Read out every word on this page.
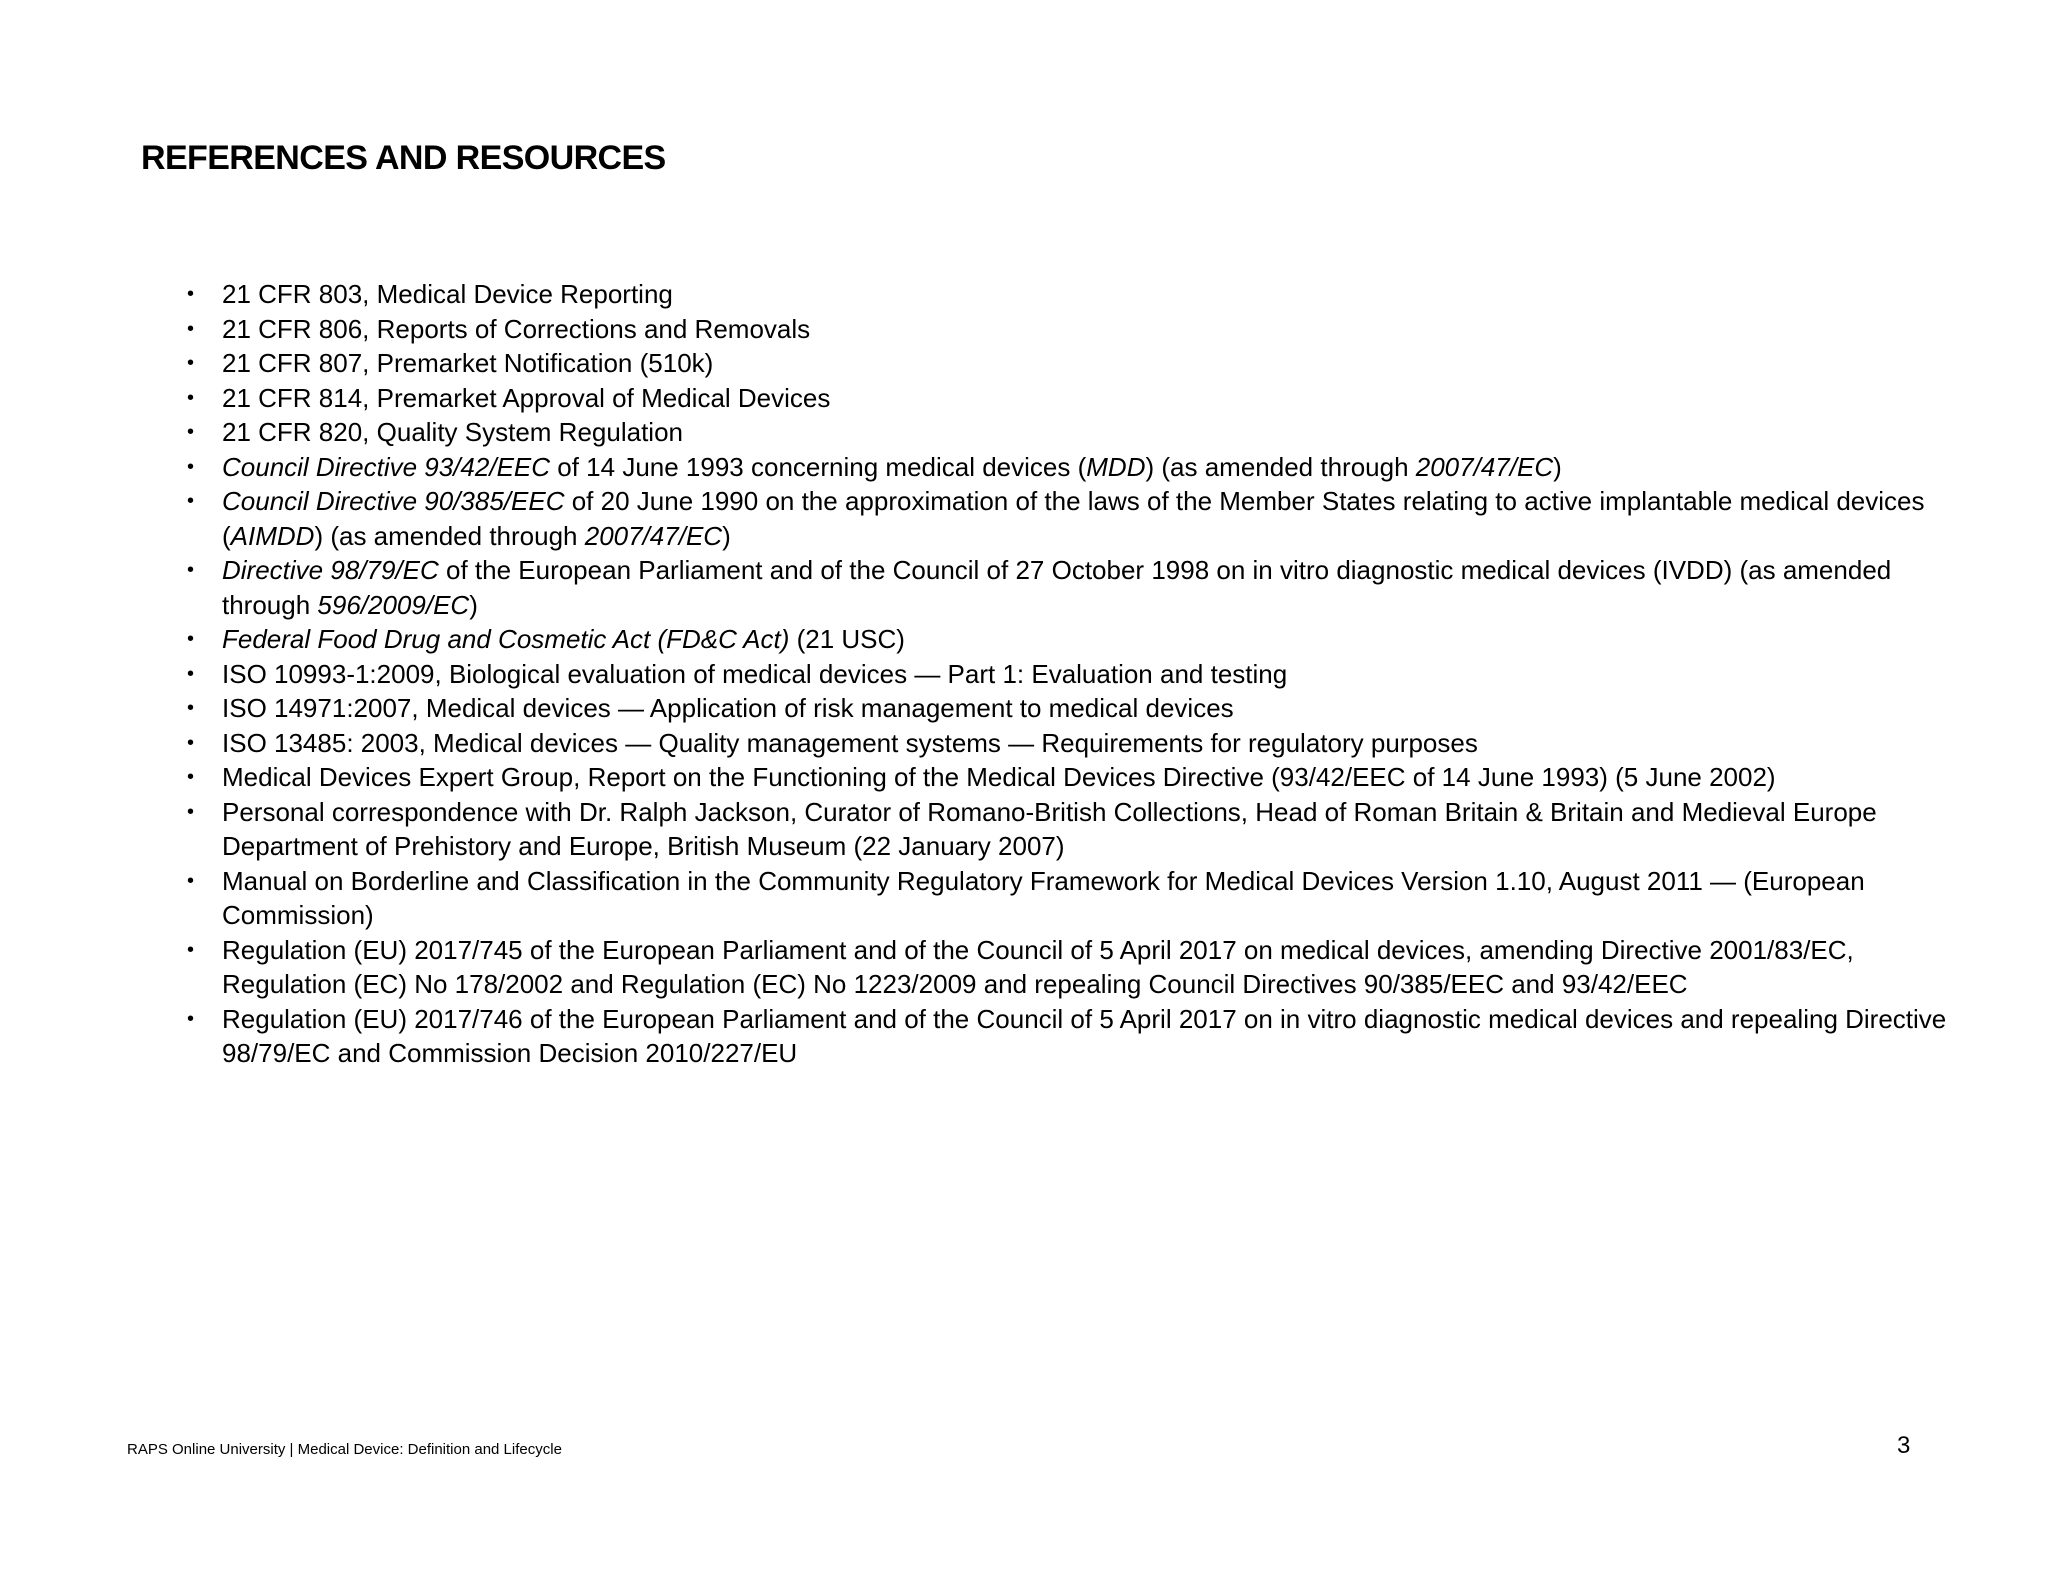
REFERENCES AND RESOURCES
• 21 CFR 803, Medical Device Reporting
• 21 CFR 806, Reports of Corrections and Removals
• 21 CFR 807, Premarket Notification (510k)
• 21 CFR 814, Premarket Approval of Medical Devices
• 21 CFR 820, Quality System Regulation
• Council Directive 93/42/EEC of 14 June 1993 concerning medical devices (MDD) (as amended through 2007/47/EC)
• Council Directive 90/385/EEC of 20 June 1990 on the approximation of the laws of the Member States relating to active implantable medical devices (AIMDD) (as amended through 2007/47/EC)
• Directive 98/79/EC of the European Parliament and of the Council of 27 October 1998 on in vitro diagnostic medical devices (IVDD) (as amended through 596/2009/EC)
• Federal Food Drug and Cosmetic Act (FD&C Act) (21 USC)
• ISO 10993-1:2009, Biological evaluation of medical devices — Part 1: Evaluation and testing
• ISO 14971:2007, Medical devices — Application of risk management to medical devices
• ISO 13485: 2003, Medical devices — Quality management systems — Requirements for regulatory purposes
• Medical Devices Expert Group, Report on the Functioning of the Medical Devices Directive (93/42/EEC of 14 June 1993) (5 June 2002)
• Personal correspondence with Dr. Ralph Jackson, Curator of Romano-British Collections, Head of Roman Britain & Britain and Medieval Europe Department of Prehistory and Europe, British Museum (22 January 2007)
• Manual on Borderline and Classification in the Community Regulatory Framework for Medical Devices Version 1.10, August 2011 — (European Commission)
• Regulation (EU) 2017/745 of the European Parliament and of the Council of 5 April 2017 on medical devices, amending Directive 2001/83/EC, Regulation (EC) No 178/2002 and Regulation (EC) No 1223/2009 and repealing Council Directives 90/385/EEC and 93/42/EEC
• Regulation (EU) 2017/746 of the European Parliament and of the Council of 5 April 2017 on in vitro diagnostic medical devices and repealing Directive 98/79/EC and Commission Decision 2010/227/EU
RAPS Online University | Medical Device: Definition and Lifecycle	3
